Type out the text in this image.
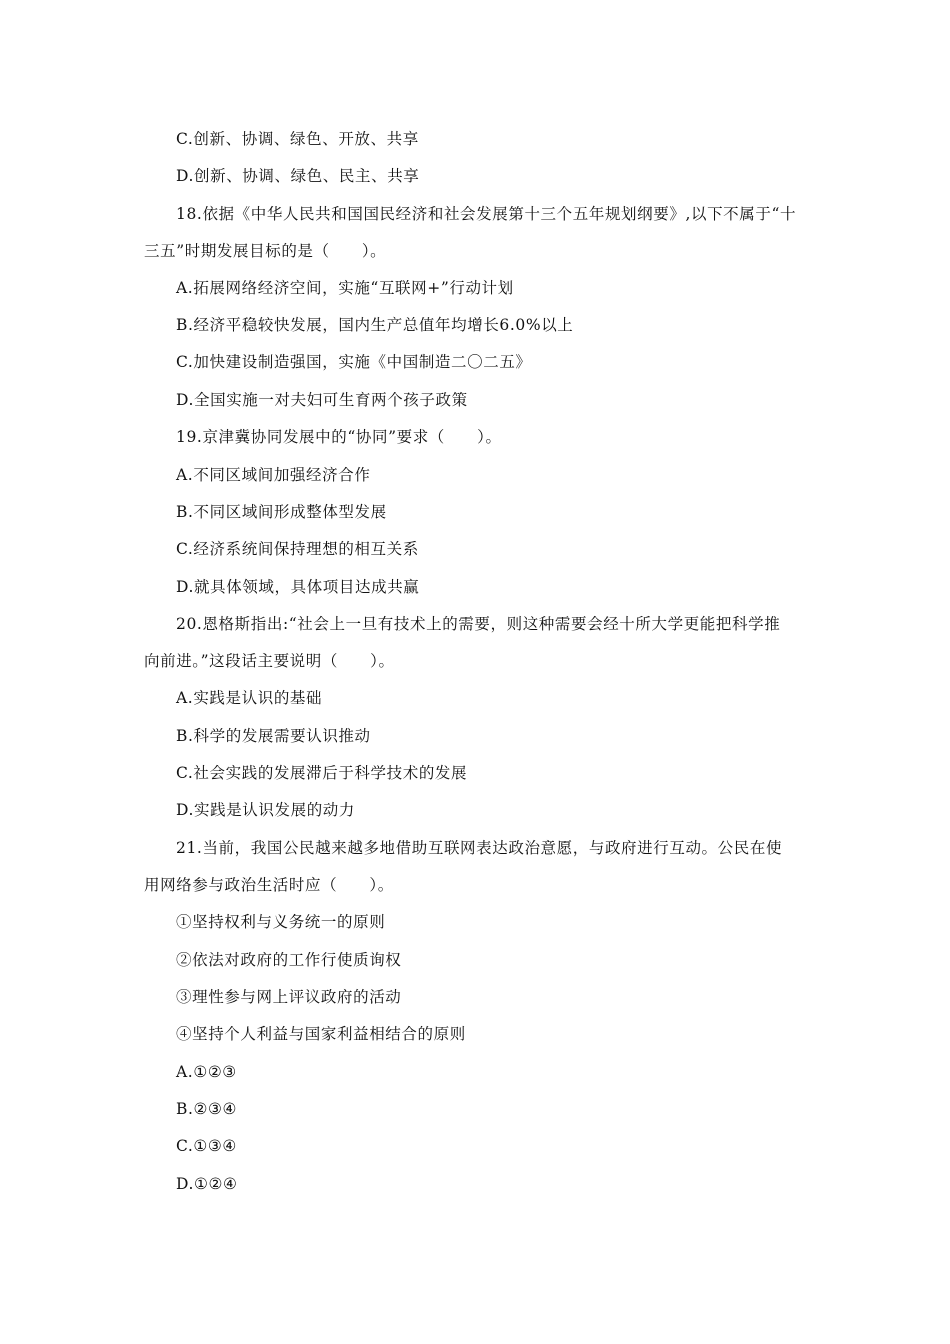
C.创新、协调、绿色、开放、共享
D.创新、协调、绿色、民主、共享
18.依据《中华人民共和国国民经济和社会发展第十三个五年规划纲要》,以下不属于“十
三五”时期发展目标的是（　　）。
A.拓展网络经济空间，实施“互联网+”行动计划
B.经济平稳较快发展，国内生产总值年均增长6.0%以上
C.加快建设制造强国，实施《中国制造二〇二五》
D.全国实施一对夫妇可生育两个孩子政策
19.京津冀协同发展中的“协同”要求（　　）。
A.不同区域间加强经济合作
B.不同区域间形成整体型发展
C.经济系统间保持理想的相互关系
D.就具体领域，具体项目达成共赢
20.恩格斯指出:“社会上一旦有技术上的需要，则这种需要会经十所大学更能把科学推
向前进。”这段话主要说明（　　）。
A.实践是认识的基础
B.科学的发展需要认识推动
C.社会实践的发展滞后于科学技术的发展
D.实践是认识发展的动力
21.当前，我国公民越来越多地借助互联网表达政治意愿，与政府进行互动。公民在使
用网络参与政治生活时应（　　）。
①坚持权利与义务统一的原则
②依法对政府的工作行使质询权
③理性参与网上评议政府的活动
④坚持个人利益与国家利益相结合的原则
A.①②③
B.②③④
C.①③④
D.①②④
